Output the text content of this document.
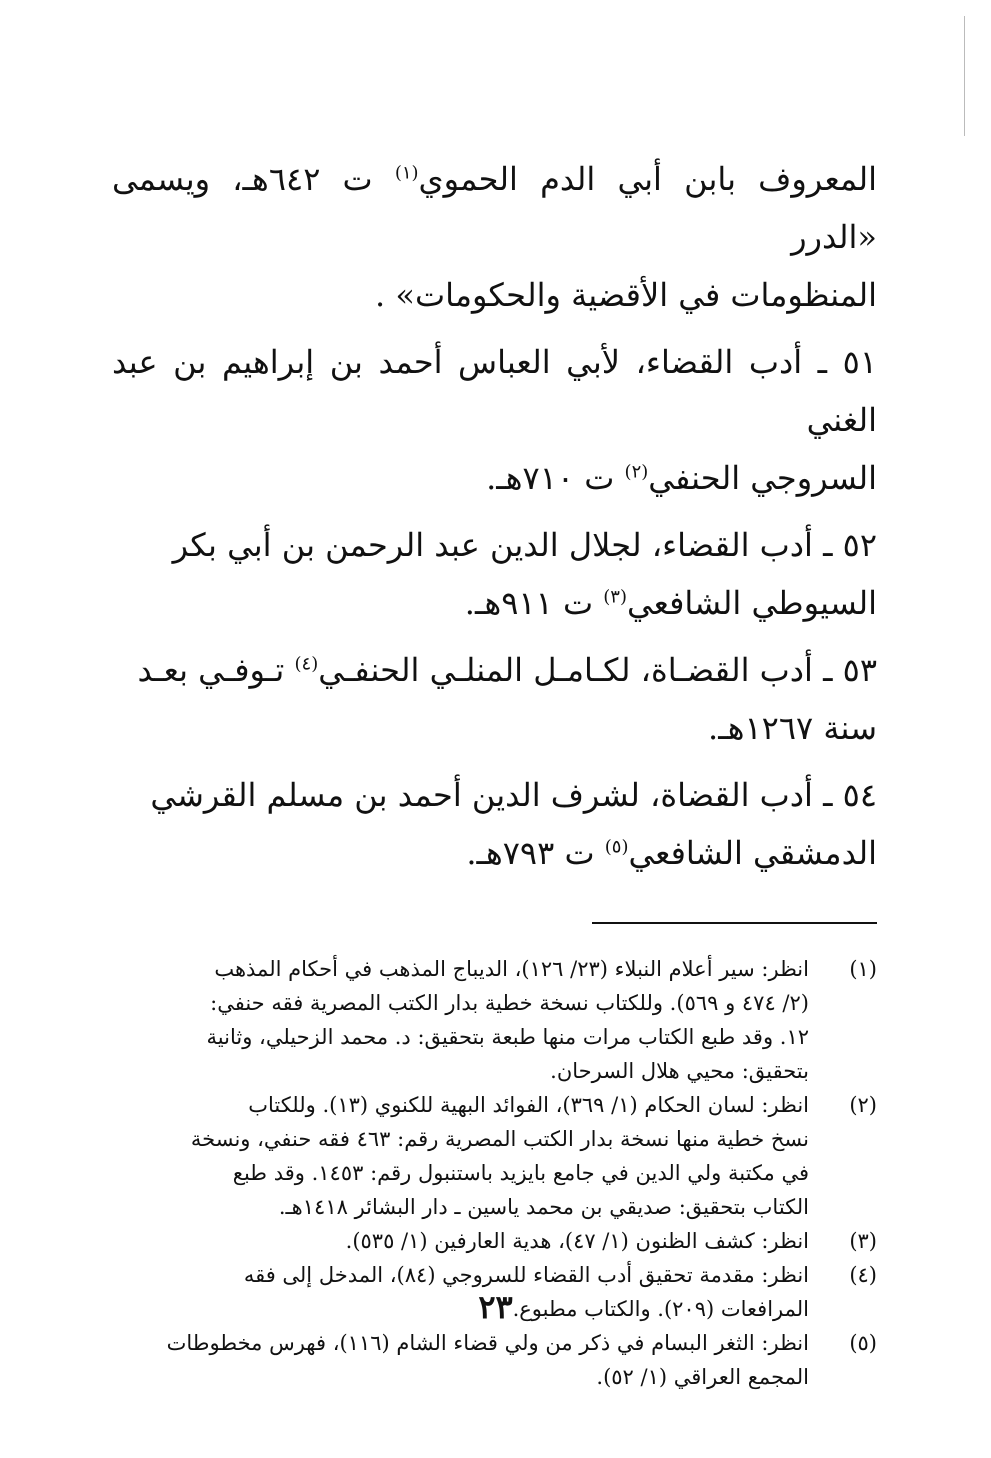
المعروف بابن أبي الدم الحموي$^{(١)}$ ت ٦٤٢هـ، ويسمى «الدرر

المنظومات في الأقضية والحكومات» .

٥١ ـ أدب القضاء، لأبي العباس أحمد بن إبراهيم بن عبد الغني

السروجي الحنفي$^{(٢)}$ ت ٧١٠هـ.

٥٢ ـ أدب القضاء، لجلال الدين عبد الرحمن بن أبي بكر

السيوطي الشافعي$^{(٣)}$ ت ٩١١هـ.

٥٣ ـ أدب القضـاة، لكـامـل المنلـي الحنفـي$^{(٤)}$ تـوفـي بعـد

سنة ١٢٦٧هـ.

٥٤ ـ أدب القضاة، لشرف الدين أحمد بن مسلم القرشي

الدمشقي الشافعي$^{(٥)}$ ت ٧٩٣هـ.

(١)

انظر: سير أعلام النبلاء (٢٣/ ١٢٦)، الديباج المذهب في أحكام المذهب

(٢/ ٤٧٤ و ٥٦٩). وللكتاب نسخة خطية بدار الكتب المصرية فقه حنفي:

١٢. وقد طبع الكتاب مرات منها طبعة بتحقيق: د. محمد الزحيلي، وثانية

بتحقيق: محيي هلال السرحان.

(٢)

انظر: لسان الحكام (١/ ٣٦٩)، الفوائد البهية للكنوي (١٣). وللكتاب

نسخ خطية منها نسخة بدار الكتب المصرية رقم: ٤٦٣ فقه حنفي، ونسخة

في مكتبة ولي الدين في جامع بايزيد باستنبول رقم: ١٤٥٣. وقد طبع

الكتاب بتحقيق: صديقي بن محمد ياسين ـ دار البشائر ١٤١٨هـ.

(٣)

انظر: كشف الظنون (١/ ٤٧)، هدية العارفين (١/ ٥٣٥).

(٤)

انظر: مقدمة تحقيق أدب القضاء للسروجي (٨٤)، المدخل إلى فقه

المرافعات (٢٠٩). والكتاب مطبوع.

(٥)

انظر: الثغر البسام في ذكر من ولي قضاء الشام (١١٦)، فهرس مخطوطات

المجمع العراقي (١/ ٥٢).

٢٣
